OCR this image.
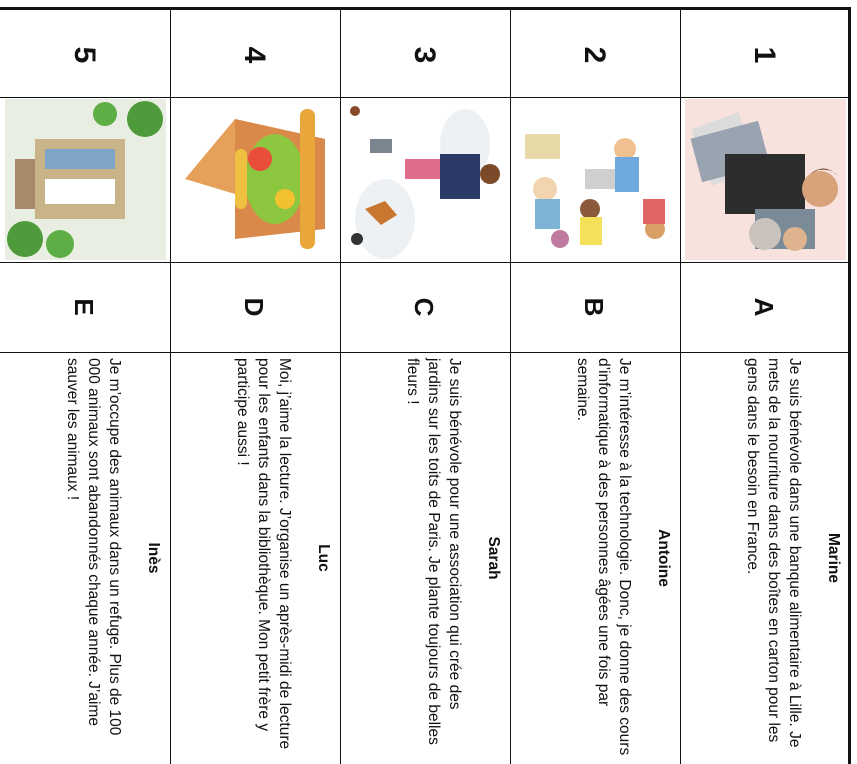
1
2
3
4
5
A
B
C
D
E
Marine
Je suis bénévole dans une banque alimentaire à Lille. Je mets de la nourriture dans des boîtes en carton pour les gens dans le besoin en France.
Antoine
Je m’intéresse à la technologie. Donc, je donne des cours d’informatique à des personnes âgées une fois par semaine.
Sarah
Je suis bénévole pour une association qui crée des jardins sur les toits de Paris. Je plante toujours de belles fleurs !
Luc
Moi, j’aime la lecture. J’organise un après-midi de lecture pour les enfants dans la bibliothèque. Mon petit frère y participe aussi !
Inès
Je m’occupe des animaux dans un refuge. Plus de 100 000 animaux sont abandonnés chaque année. J’aime sauver les animaux !
